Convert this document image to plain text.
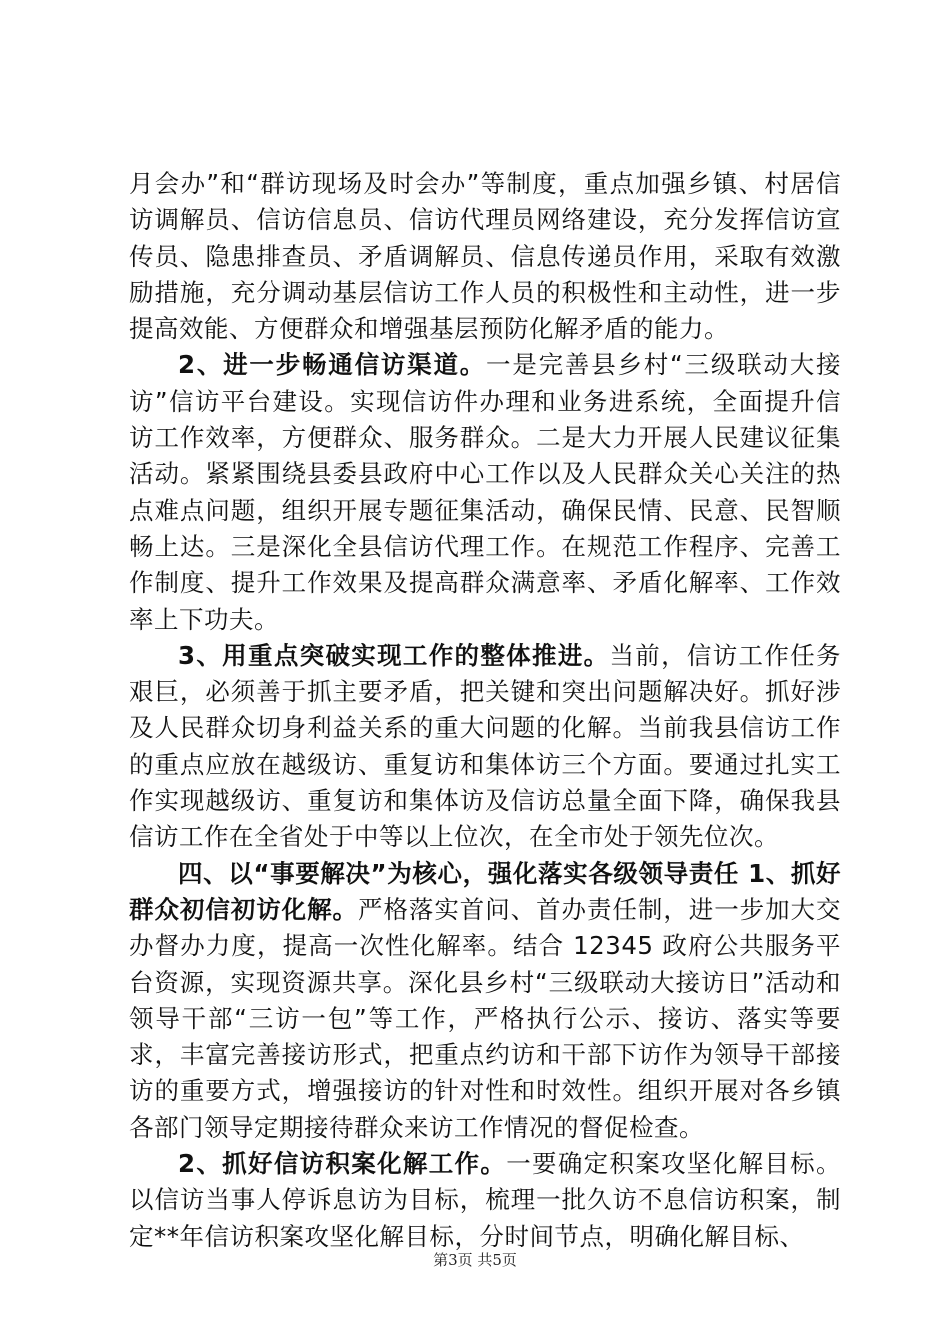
月会办”和“群访现场及时会办”等制度，重点加强乡镇、村居信访调解员、信访信息员、信访代理员网络建设，充分发挥信访宣传员、隐患排查员、矛盾调解员、信息传递员作用，采取有效激励措施，充分调动基层信访工作人员的积极性和主动性，进一步提高效能、方便群众和增强基层预防化解矛盾的能力。

2、进一步畅通信访渠道。一是完善县乡村“三级联动大接访”信访平台建设。实现信访件办理和业务进系统，全面提升信访工作效率，方便群众、服务群众。二是大力开展人民建议征集活动。紧紧围绕县委县政府中心工作以及人民群众关心关注的热点难点问题，组织开展专题征集活动，确保民情、民意、民智顺畅上达。三是深化全县信访代理工作。在规范工作程序、完善工作制度、提升工作效果及提高群众满意率、矛盾化解率、工作效率上下功夫。

3、用重点突破实现工作的整体推进。当前，信访工作任务艰巨，必须善于抓主要矛盾，把关键和突出问题解决好。抓好涉及人民群众切身利益关系的重大问题的化解。当前我县信访工作的重点应放在越级访、重复访和集体访三个方面。要通过扎实工作实现越级访、重复访和集体访及信访总量全面下降，确保我县信访工作在全省处于中等以上位次，在全市处于领先位次。

四、以“事要解决”为核心，强化落实各级领导责任 1、抓好群众初信初访化解。严格落实首问、首办责任制，进一步加大交办督办力度，提高一次性化解率。结合 12345 政府公共服务平台资源，实现资源共享。深化县乡村“三级联动大接访日”活动和领导干部“三访一包”等工作，严格执行公示、接访、落实等要求，丰富完善接访形式，把重点约访和干部下访作为领导干部接访的重要方式，增强接访的针对性和时效性。组织开展对各乡镇各部门领导定期接待群众来访工作情况的督促检查。

2、抓好信访积案化解工作。一要确定积案攻坚化解目标。以信访当事人停诉息访为目标，梳理一批久访不息信访积案，制定**年信访积案攻坚化解目标，分时间节点，明确化解目标、

第3页 共5页
